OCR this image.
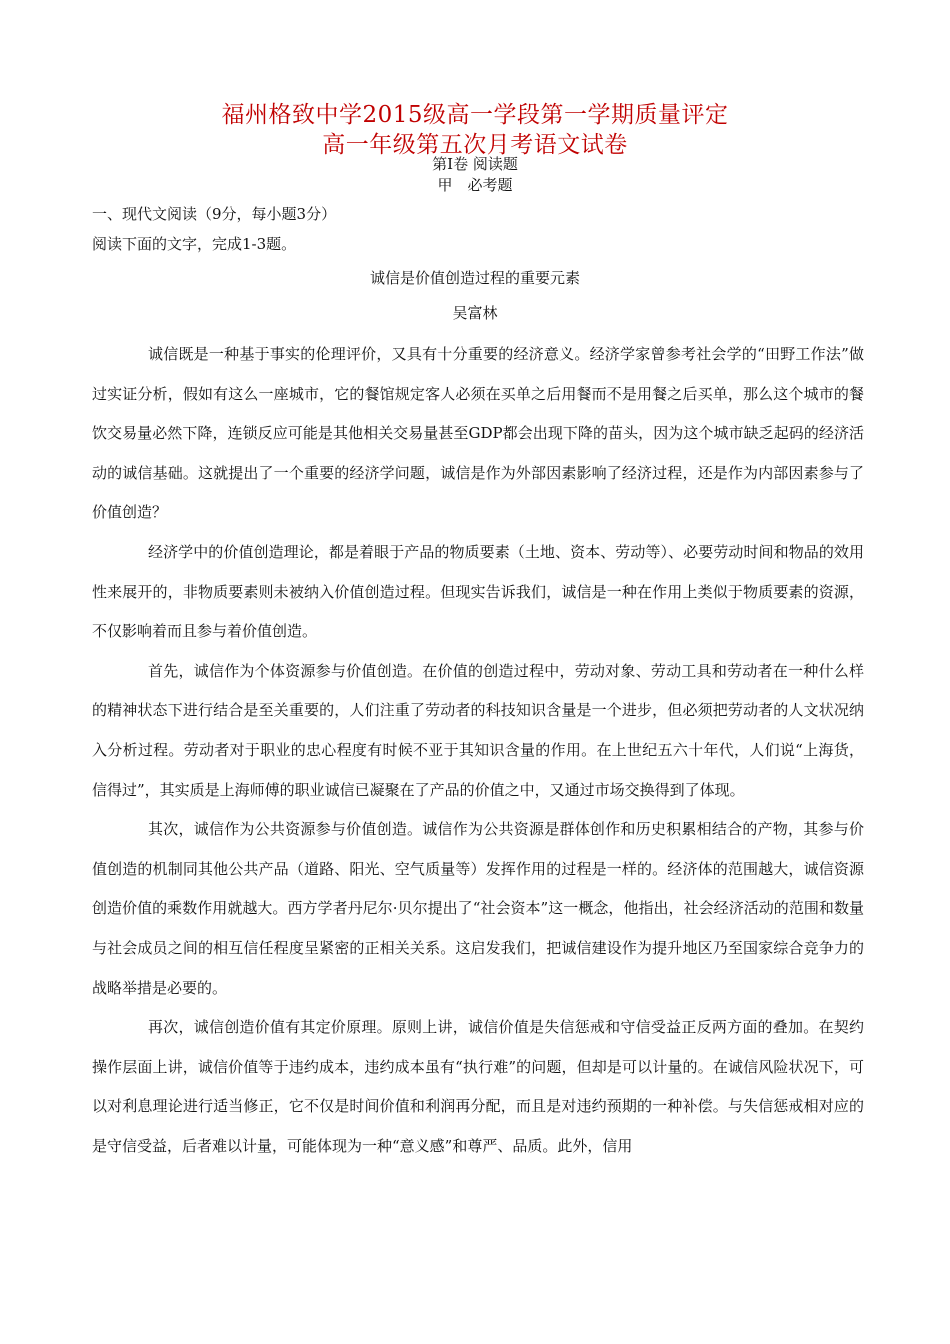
福州格致中学2015级高一学段第一学期质量评定
高一年级第五次月考语文试卷
第Ⅰ卷 阅读题
甲　必考题
一、现代文阅读（9分，每小题3分）
阅读下面的文字，完成1-3题。
诚信是价值创造过程的重要元素
吴富林

诚信既是一种基于事实的伦理评价，又具有十分重要的经济意义。经济学家曾参考社会学的“田野工作法”做过实证分析，假如有这么一座城市，它的餐馆规定客人必须在买单之后用餐而不是用餐之后买单，那么这个城市的餐饮交易量必然下降，连锁反应可能是其他相关交易量甚至GDP都会出现下降的苗头，因为这个城市缺乏起码的经济活动的诚信基础。这就提出了一个重要的经济学问题，诚信是作为外部因素影响了经济过程，还是作为内部因素参与了价值创造？

经济学中的价值创造理论，都是着眼于产品的物质要素（土地、资本、劳动等）、必要劳动时间和物品的效用性来展开的，非物质要素则未被纳入价值创造过程。但现实告诉我们，诚信是一种在作用上类似于物质要素的资源，不仅影响着而且参与着价值创造。

首先，诚信作为个体资源参与价值创造。在价值的创造过程中，劳动对象、劳动工具和劳动者在一种什么样的精神状态下进行结合是至关重要的，人们注重了劳动者的科技知识含量是一个进步，但必须把劳动者的人文状况纳入分析过程。劳动者对于职业的忠心程度有时候不亚于其知识含量的作用。在上世纪五六十年代，人们说“上海货，信得过”，其实质是上海师傅的职业诚信已凝聚在了产品的价值之中，又通过市场交换得到了体现。

其次，诚信作为公共资源参与价值创造。诚信作为公共资源是群体创作和历史积累相结合的产物，其参与价值创造的机制同其他公共产品（道路、阳光、空气质量等）发挥作用的过程是一样的。经济体的范围越大，诚信资源创造价值的乘数作用就越大。西方学者丹尼尔·贝尔提出了“社会资本”这一概念，他指出，社会经济活动的范围和数量与社会成员之间的相互信任程度呈紧密的正相关关系。这启发我们，把诚信建设作为提升地区乃至国家综合竞争力的战略举措是必要的。

再次，诚信创造价值有其定价原理。原则上讲，诚信价值是失信惩戒和守信受益正反两方面的叠加。在契约操作层面上讲，诚信价值等于违约成本，违约成本虽有“执行难”的问题，但却是可以计量的。在诚信风险状况下，可以对利息理论进行适当修正，它不仅是时间价值和利润再分配，而且是对违约预期的一种补偿。与失信惩戒相对应的是守信受益，后者难以计量，可能体现为一种“意义感”和尊严、品质。此外，信用
